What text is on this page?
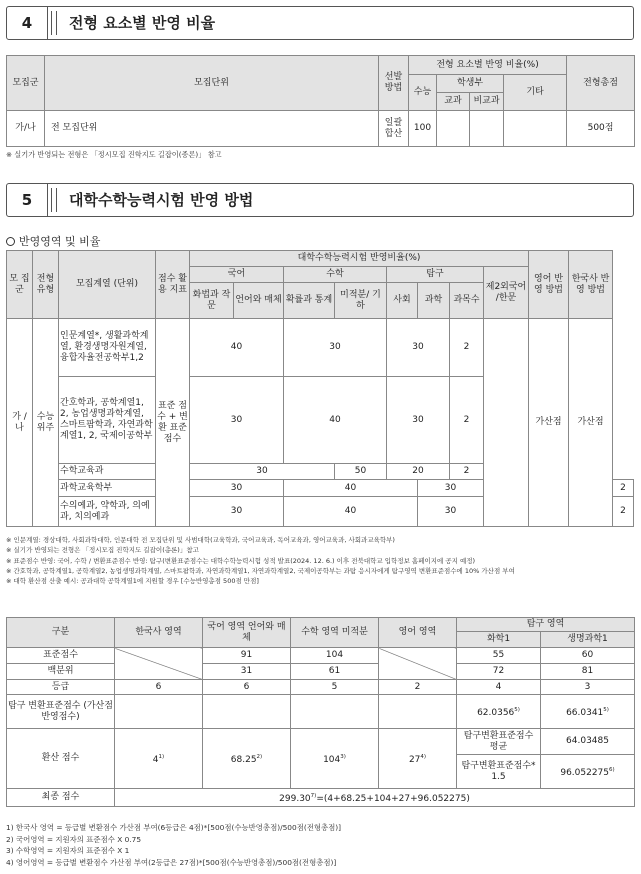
4	전형 요소별 반영 비율
모집군	모집단위	선발 방법	전형 요소별 반영 비율(%)				전형총점
			수능	학생부		기타	
				교과	비교과		
가/나	전 모집단위	일괄 합산	100				500점
※ 실기가 반영되는 전형은 「정시모집 진학지도 길잡이(종론)」 참고
5	대학수학능력시험 반영 방법
반영영역 및 비율
모 집 군	전형 유형	모집계열 (단위)	점수 활용 지표	대학수학능력시험 반영비율(%)								영어 반영 방법	한국사 반영 방법	
				국어		수학		탐구			제2외국어 /한문			
				화법과 작문	언어와 매체	확률과 통계	미적분/ 기하	사회	과학	과목수				
가 / 나	수능 위주	인문계열*, 생활과학계열, 환경생명자원계열, 융합자율전공학부1,2	표준 점수 + 변환 표준 점수	40		30		30		2		가산점	가산점	
		간호학과, 공학계열1, 2, 농업생명과학계열, 스마트팜학과, 자연과학계열1, 2, 국제이공학부		30		40		30		2				
		수학교육과		30			50	20		2				
		과학교육학부		30		40			30					2
		수의예과, 약학과, 의예과, 치의예과		30		40			30					2
※ 인문계열: 경상대학, 사회과학대학, 인문대학 전 모집단위 및 사범대학(교육학과, 국어교육과, 독어교육과, 영어교육과, 사회과교육학부)
※ 실기가 반영되는 전형은 「정시모집 진학지도 길잡이(총론)」참고
※ 표준점수 반영: 국어, 수학 / 변환표준점수 반영: 탐구(변환표준점수는 대학수학능력시험 성적 발표(2024. 12. 6.) 이후 전북대학교 입학정보 홈페이지에 공지 예정)
※ 간호학과, 공학계열1, 공학계열2, 농업생명과학계열, 스마트팜학과, 자연과학계열1, 자연과학계열2, 국제이공학부는 과탐 응시자에게 탐구영역 변환표준점수에 10% 가산점 부여
※ 대학 환산점 산출 예시: 공과대학 공학계열1에 지원할 경우 [수능반영총점 500점 만점]
구분	한국사 영역	국어 영역 언어와 매체	수학 영역 미적분	영어 영역	탐구 영역	
					화학1	생명과학1
표준점수		91	104		55	60
백분위		31	61		72	81
등급	6	6	5	2	4	3
탐구 변환표준점수 (가산점반영점수)					62.0356$^{5)}$	66.0341$^{5)}$
환산 점수	4$^{1)}$	68.25$^{2)}$	104$^{3)}$	27$^{4)}$	탐구변환표준점수 평균	64.03485
					탐구변환표준점수* 1.5	96.052275$^{6)}$
최종 점수	$299.30^{7)}=(4+68.25+104+27+96.052275)$					
1) 한국사 영역 = 등급별 변환점수 가산점 부여(6등급은 4점)*[500점(수능반영총점)/500점(전형총점)]
2) 국어영역 = 지원자의 표준점수 X 0.75
3) 수학영역 = 지원자의 표준점수 X 1
4) 영어영역 = 등급별 변환점수 가산점 부여(2등급은 27점)*[500점(수능반영총점)/500점(전형총점)]
